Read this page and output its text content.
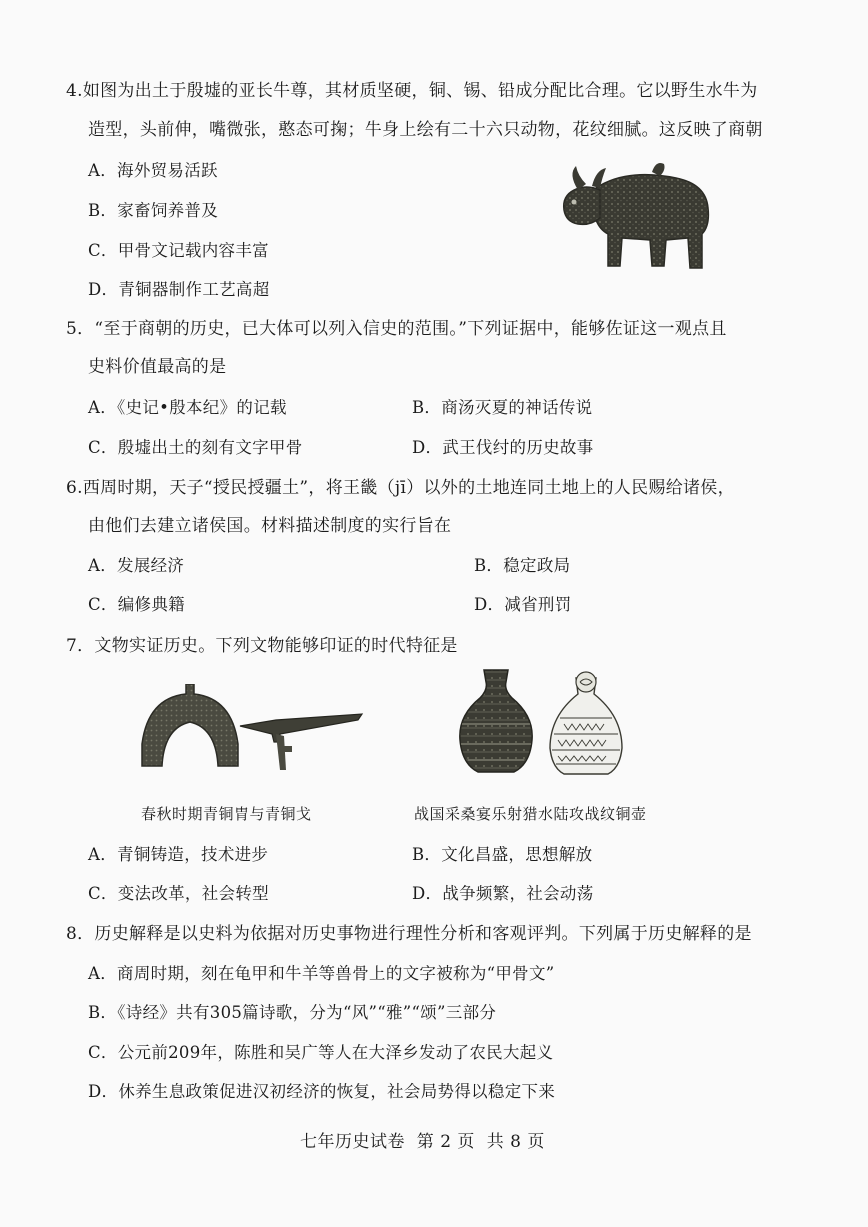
4.如图为出土于殷墟的亚长牛尊，其材质坚硬，铜、锡、铅成分配比合理。它以野生水牛为
造型，头前伸，嘴微张，憨态可掬；牛身上绘有二十六只动物，花纹细腻。这反映了商朝
A．海外贸易活跃
B．家畜饲养普及
C．甲骨文记载内容丰富
D．青铜器制作工艺高超
5．“至于商朝的历史，已大体可以列入信史的范围。”下列证据中，能够佐证这一观点且
史料价值最高的是
A．《史记•殷本纪》的记载	B．商汤灭夏的神话传说
C．殷墟出土的刻有文字甲骨	D．武王伐纣的历史故事
6.西周时期，天子“授民授疆土”，将王畿（jī）以外的土地连同土地上的人民赐给诸侯，
由他们去建立诸侯国。材料描述制度的实行旨在
A．发展经济	B．稳定政局
C．编修典籍	D．减省刑罚
7．文物实证历史。下列文物能够印证的时代特征是
春秋时期青铜胄与青铜戈	战国采桑宴乐射猎水陆攻战纹铜壶
A．青铜铸造，技术进步	B．文化昌盛，思想解放
C．变法改革，社会转型	D．战争频繁，社会动荡
8．历史解释是以史料为依据对历史事物进行理性分析和客观评判。下列属于历史解释的是
A．商周时期，刻在龟甲和牛羊等兽骨上的文字被称为“甲骨文”
B．《诗经》共有305篇诗歌，分为“风”“雅”“颂”三部分
C．公元前209年，陈胜和吴广等人在大泽乡发动了农民大起义
D．休养生息政策促进汉初经济的恢复，社会局势得以稳定下来
七年历史试卷  第 2 页  共 8 页
